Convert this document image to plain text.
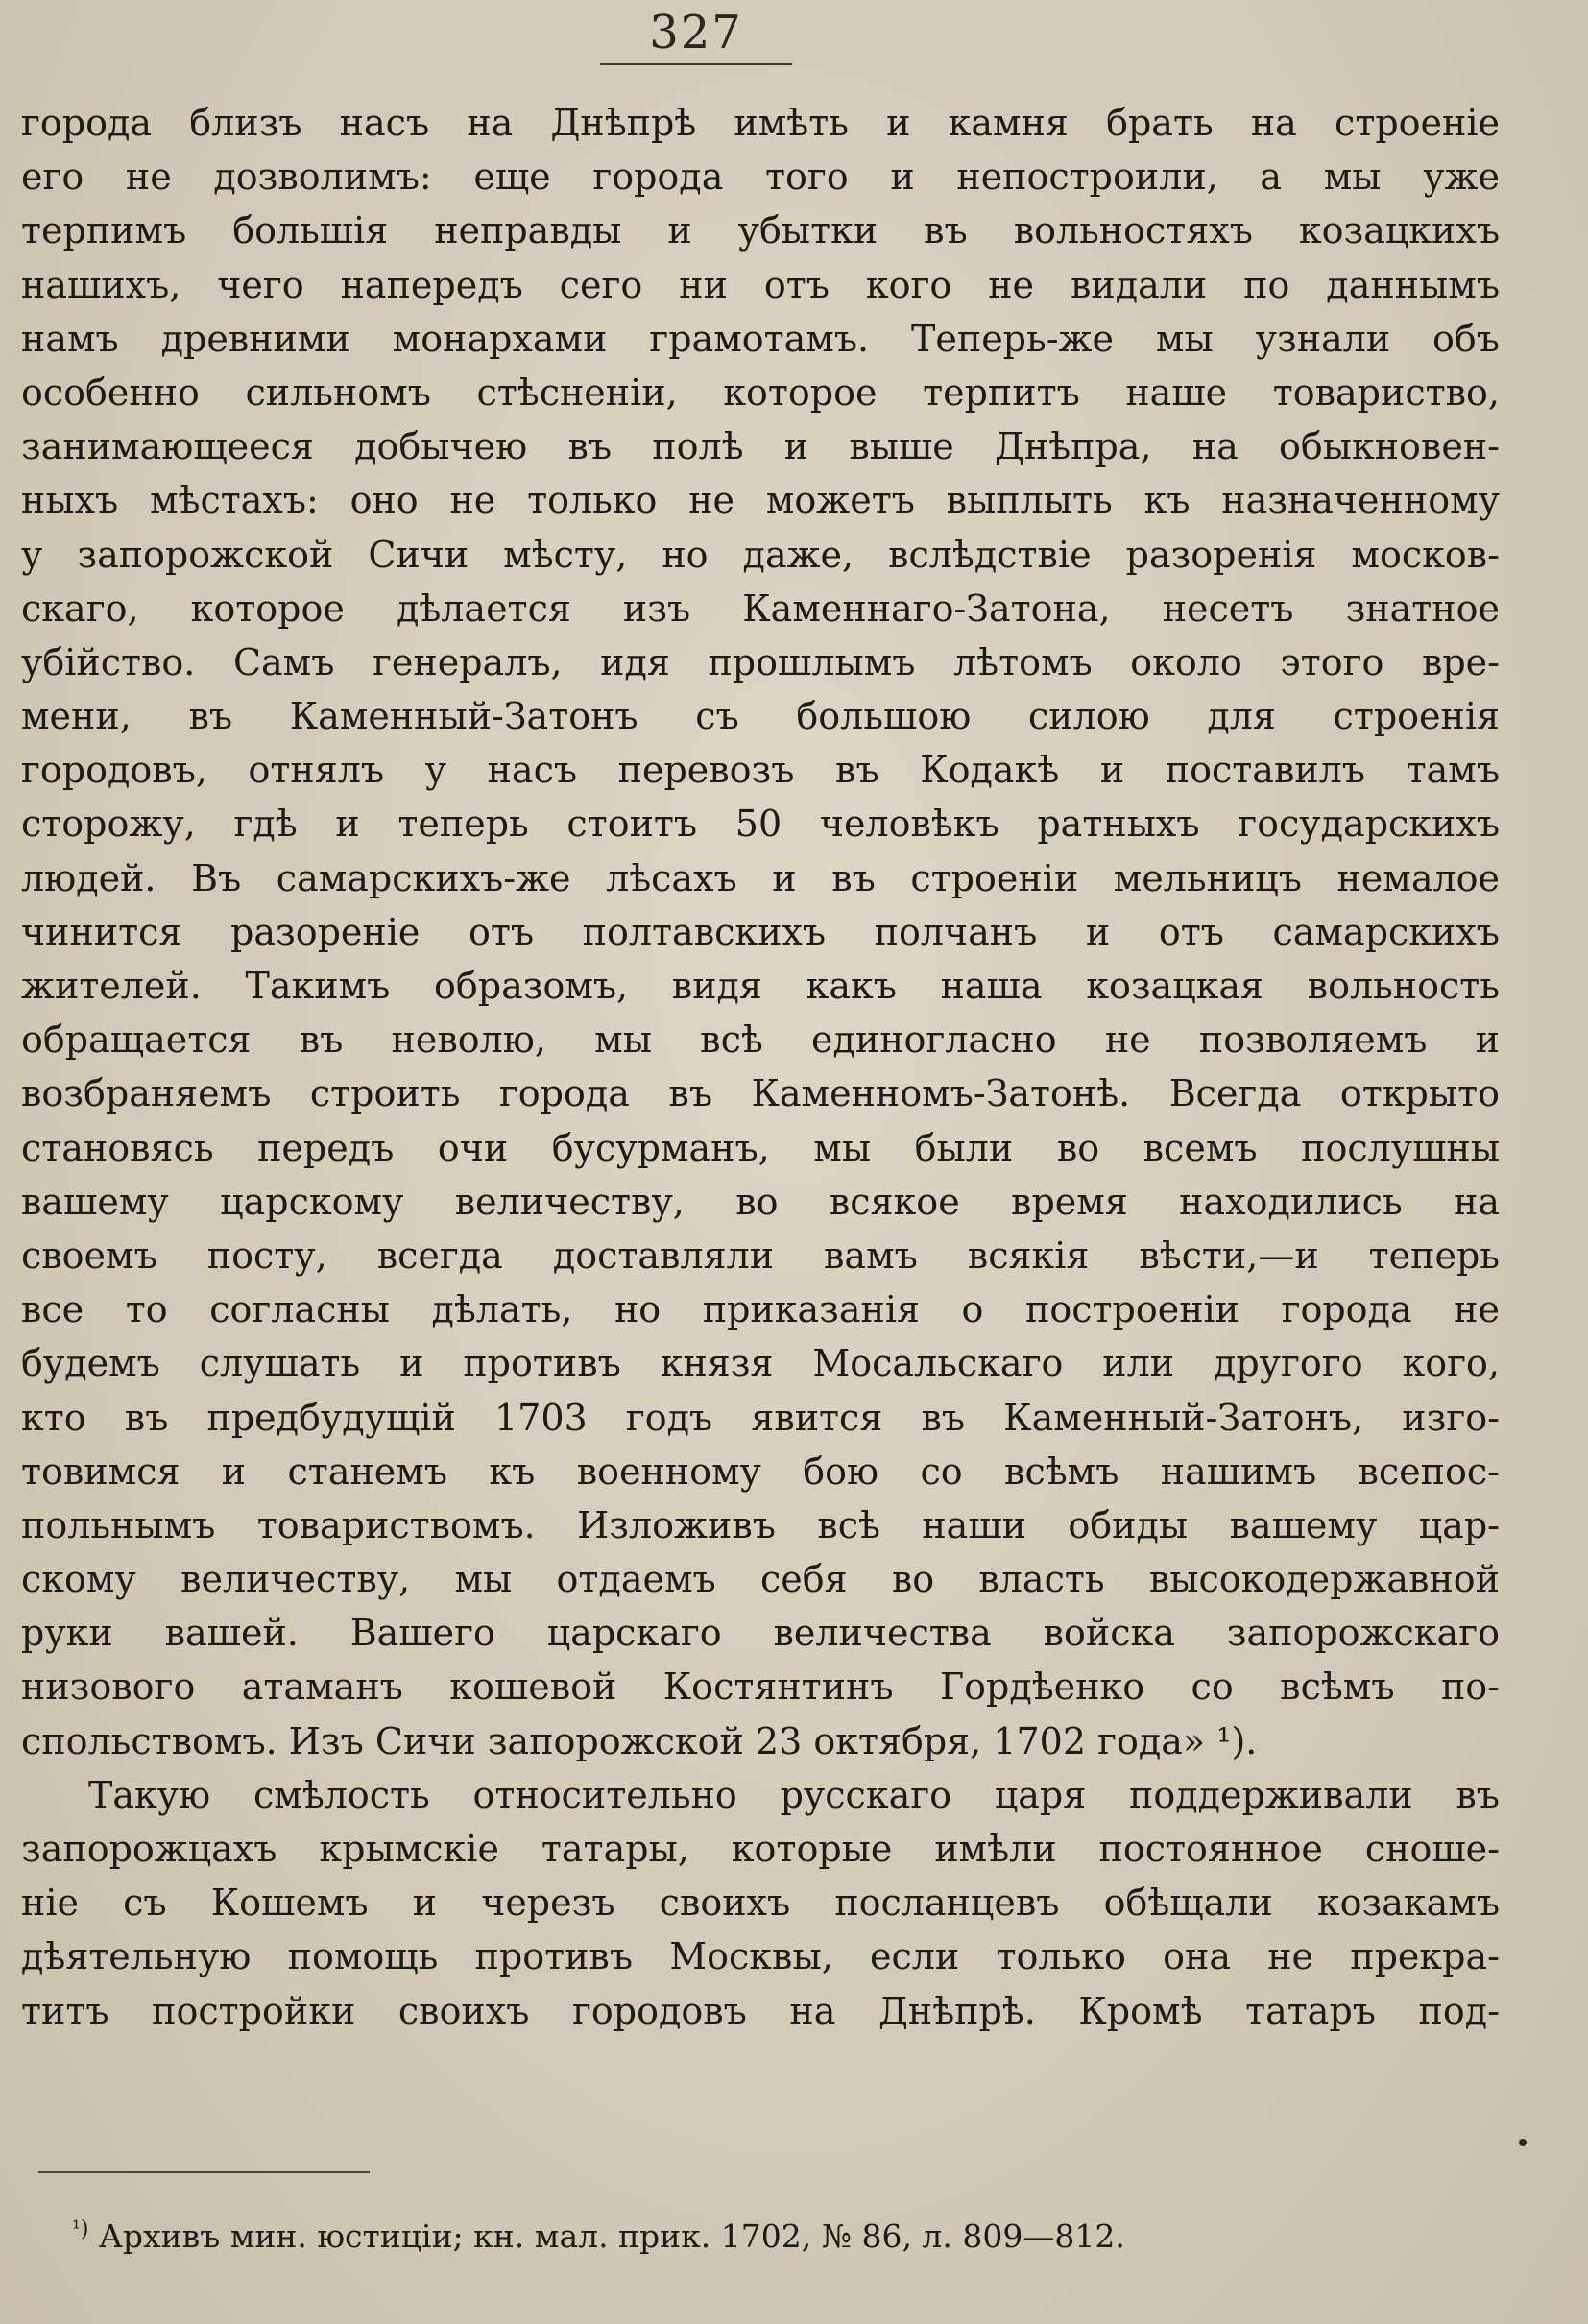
327
города близъ насъ на Днѣпрѣ имѣть и камня брать на строеніе
его не дозволимъ: еще города того и непостроили, а мы уже
терпимъ большія неправды и убытки въ вольностяхъ козацкихъ
нашихъ, чего напередъ сего ни отъ кого не видали по даннымъ
намъ древними монархами грамотамъ. Теперь-же мы узнали объ
особенно сильномъ стѣсненіи, которое терпитъ наше товариство,
занимающееся добычею въ полѣ и выше Днѣпра, на обыкновен-
ныхъ мѣстахъ: оно не только не можетъ выплыть къ назначенному
у запорожской Сичи мѣсту, но даже, вслѣдствіе разоренія москов-
скаго, которое дѣлается изъ Каменнаго-Затона, несетъ знатное
убійство. Самъ генералъ, идя прошлымъ лѣтомъ около этого вре-
мени, въ Каменный-Затонъ съ большою силою для строенія
городовъ, отнялъ у насъ перевозъ въ Кодакѣ и поставилъ тамъ
сторожу, гдѣ и теперь стоитъ 50 человѣкъ ратныхъ государскихъ
людей. Въ самарскихъ-же лѣсахъ и въ строеніи мельницъ немалое
чинится разореніе отъ полтавскихъ полчанъ и отъ самарскихъ
жителей. Такимъ образомъ, видя какъ наша козацкая вольность
обращается въ неволю, мы всѣ единогласно не позволяемъ и
возбраняемъ строить города въ Каменномъ-Затонѣ. Всегда открыто
становясь передъ очи бусурманъ, мы были во всемъ послушны
вашему царскому величеству, во всякое время находились на
своемъ посту, всегда доставляли вамъ всякія вѣсти,—и теперь
все то согласны дѣлать, но приказанія о построеніи города не
будемъ слушать и противъ князя Мосальскаго или другого кого,
кто въ предбудущій 1703 годъ явится въ Каменный-Затонъ, изго-
товимся и станемъ къ военному бою со всѣмъ нашимъ всепос-
польнымъ товариствомъ. Изложивъ всѣ наши обиды вашему цар-
скому величеству, мы отдаемъ себя во власть высокодержавной
руки вашей. Вашего царскаго величества войска запорожскаго
низового атаманъ кошевой Костянтинъ Гордѣенко со всѣмъ по-
спольствомъ. Изъ Сичи запорожской 23 октября, 1702 года» ¹).
Такую смѣлость относительно русскаго царя поддерживали въ
запорожцахъ крымскіе татары, которые имѣли постоянное сноше-
ніе съ Кошемъ и черезъ своихъ посланцевъ обѣщали козакамъ
дѣятельную помощь противъ Москвы, если только она не прекра-
титъ постройки своихъ городовъ на Днѣпрѣ. Кромѣ татаръ под-
$^{^1)}$ Архивъ мин. юстиціи; кн. мал. прик. 1702, № 86, л. 809—812.
